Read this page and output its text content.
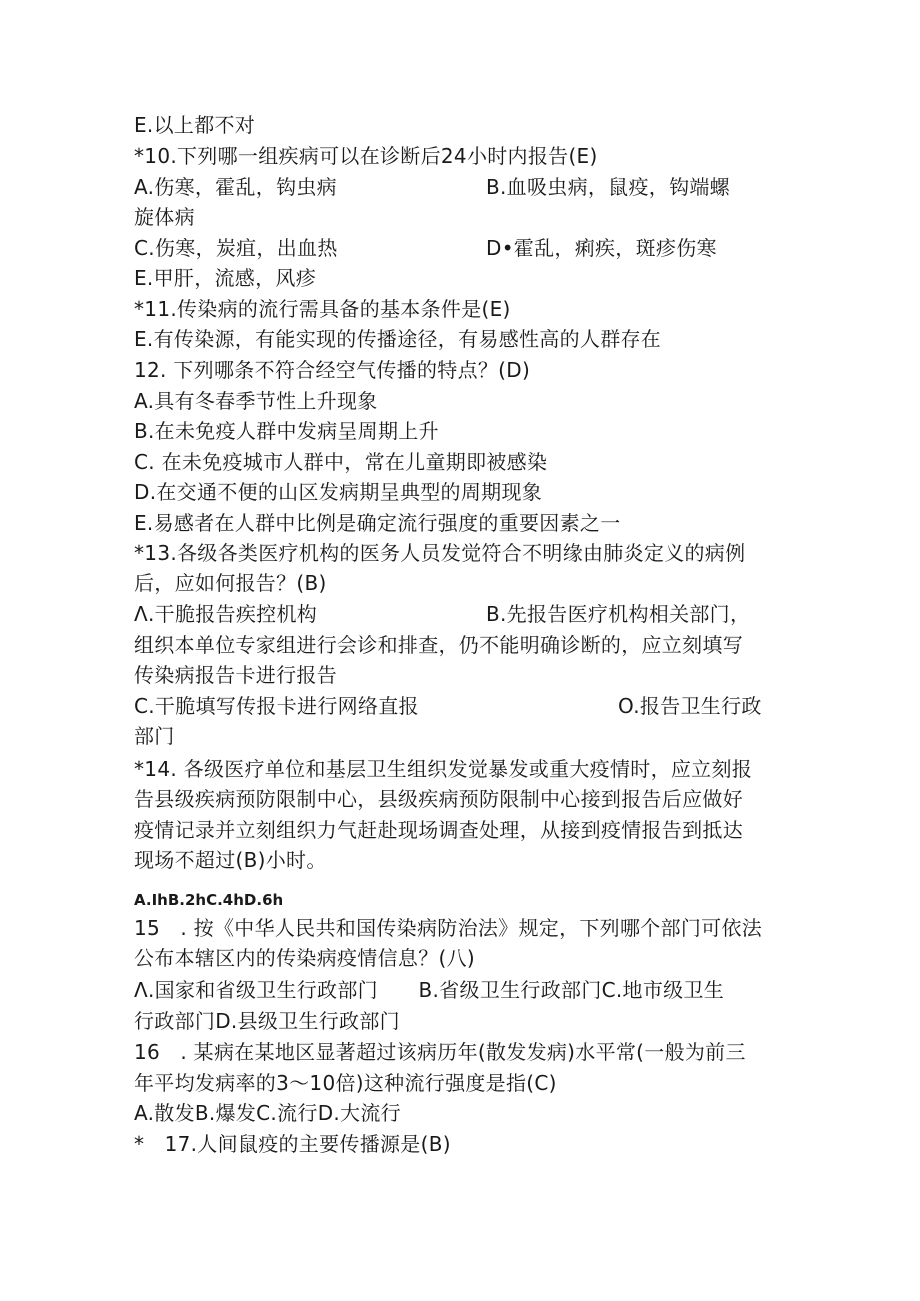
E.以上都不对
*10.下列哪一组疾病可以在诊断后24小时内报告(E)
A.伤寒，霍乱，钩虫病	B.血吸虫病，鼠疫，钩端螺
旋体病
C.伤寒，炭疽，出血热	D•霍乱，痢疾，斑疹伤寒
E.甲肝，流感，风疹
*11.传染病的流行需具备的基本条件是(E)
E.有传染源，有能实现的传播途径，有易感性高的人群存在
12. 下列哪条不符合经空气传播的特点？(D)
A.具有冬春季节性上升现象
B.在未免疫人群中发病呈周期上升
C. 在未免疫城市人群中，常在儿童期即被感染
D.在交通不便的山区发病期呈典型的周期现象
E.易感者在人群中比例是确定流行强度的重要因素之一
*13.各级各类医疗机构的医务人员发觉符合不明缘由肺炎定义的病例
后，应如何报告？(B)
Λ.干脆报告疾控机构	B.先报告医疗机构相关部门，
组织本单位专家组进行会诊和排查，仍不能明确诊断的，应立刻填写
传染病报告卡进行报告
C.干脆填写传报卡进行网络直报	O.报告卫生行政
部门
*14. 各级医疗单位和基层卫生组织发觉暴发或重大疫情时，应立刻报
告县级疾病预防限制中心，县级疾病预防限制中心接到报告后应做好
疫情记录并立刻组织力气赶赴现场调查处理，从接到疫情报告到抵达
现场不超过(B)小时。
A.IhB.2hC.4hD.6h
15　. 按《中华人民共和国传染病防治法》规定，下列哪个部门可依法
公布本辖区内的传染病疫情信息？(八)
Λ.国家和省级卫生行政部门　　B.省级卫生行政部门C.地市级卫生
行政部门D.县级卫生行政部门
16　. 某病在某地区显著超过该病历年(散发发病)水平常(一般为前三
年平均发病率的3〜10倍)这种流行强度是指(C)
A.散发B.爆发C.流行D.大流行
*　17.人间鼠疫的主要传播源是(B)
